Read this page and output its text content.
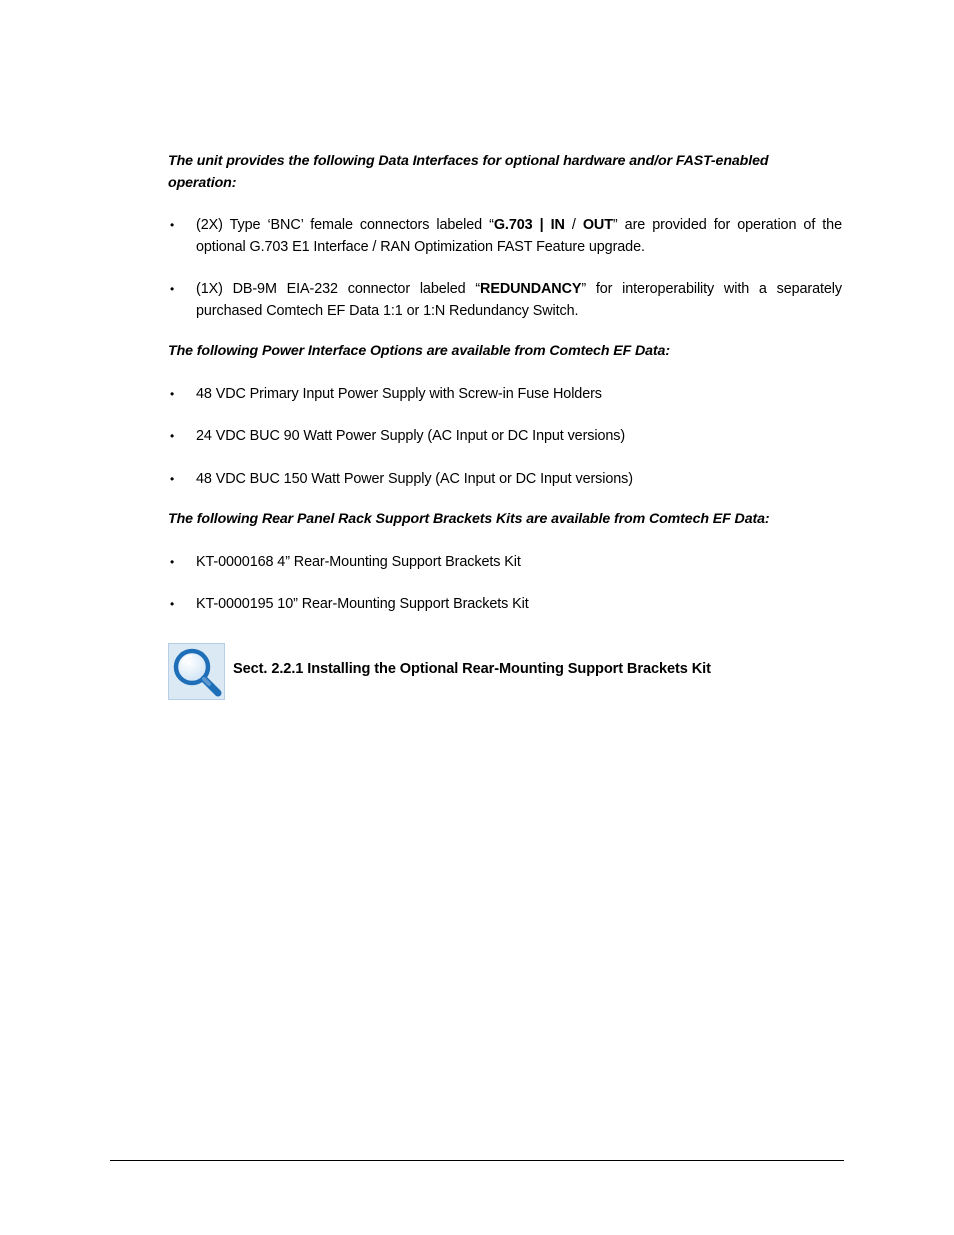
The unit provides the following Data Interfaces for optional hardware and/or FAST-enabled
operation:

• (2X) Type ‘BNC’ female connectors labeled “G.703 | IN / OUT” are provided for operation of the optional G.703 E1 Interface / RAN Optimization FAST Feature upgrade.

• (1X) DB-9M EIA-232 connector labeled “REDUNDANCY” for interoperability with a separately purchased Comtech EF Data 1:1 or 1:N Redundancy Switch.

The following Power Interface Options are available from Comtech EF Data:

• 48 VDC Primary Input Power Supply with Screw-in Fuse Holders

• 24 VDC BUC 90 Watt Power Supply (AC Input or DC Input versions)

• 48 VDC BUC 150 Watt Power Supply (AC Input or DC Input versions)

The following Rear Panel Rack Support Brackets Kits are available from Comtech EF Data:

• KT-0000168 4” Rear-Mounting Support Brackets Kit

• KT-0000195 10” Rear-Mounting Support Brackets Kit

Sect. 2.2.1 Installing the Optional Rear-Mounting Support Brackets Kit
